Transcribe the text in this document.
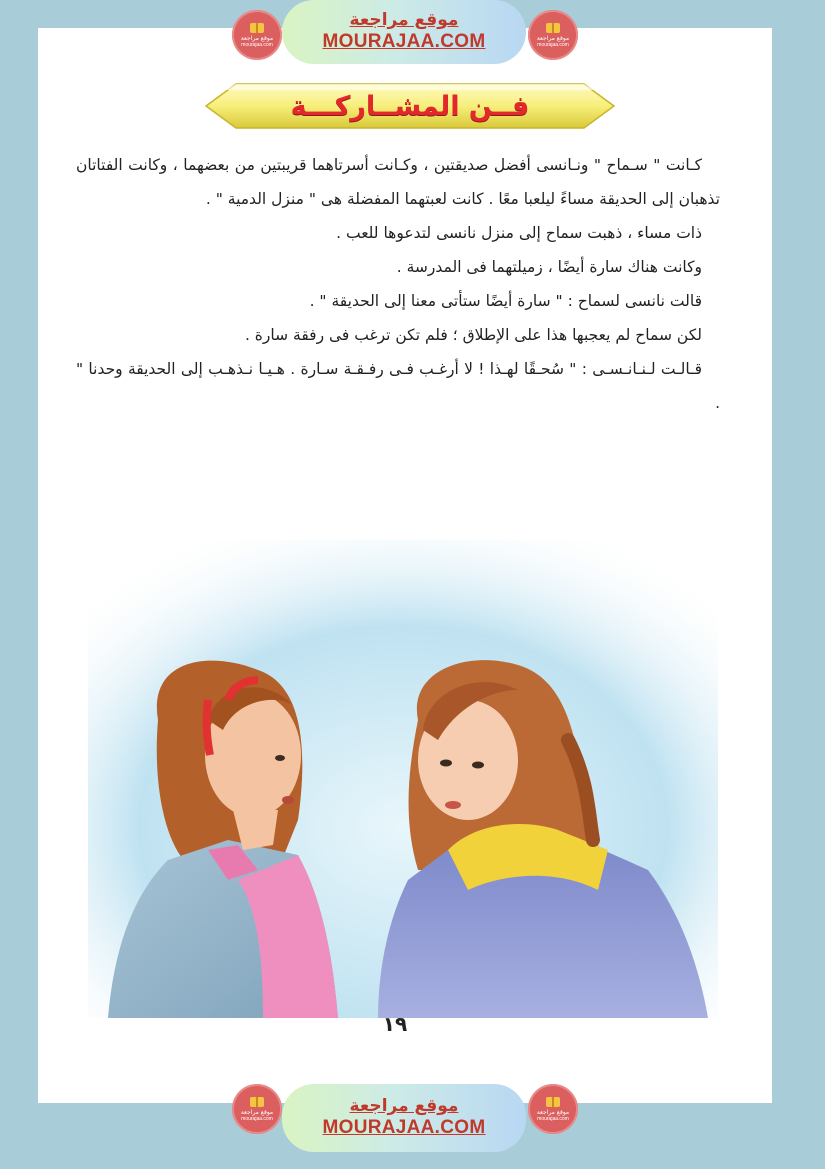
موقع مراجعة
mourajaa.com
موقع مراجعة
MOURAJAA.COM	موقع مراجعة
mourajaa.com
فــن المشــاركـــة

كـانت " سـماح " ونـانسى أفضل صديقتين ، وكـانت أسرتاهما قريبتين من بعضهما ، وكانت الفتاتان تذهبان إلى الحديقة مساءً ليلعبا معًا . كانت لعبتهما المفضلة هى " منزل الدمية " .

ذات مساء ، ذهبت سماح إلى منزل نانسى لتدعوها للعب .

وكانت هناك سارة أيضًا ، زميلتهما فى المدرسة .

قالت نانسى لسماح : " سارة أيضًا ستأتى معنا إلى الحديقة " .

لكن سماح لم يعجبها هذا على الإطلاق ؛ فلم تكن ترغب فى رفقة سارة .

قـالـت لـنـانـسـى : " سُحـقًا لهـذا ! لا أرغـب فـى رفـقـة سـارة . هـيـا نـذهـب إلى الحديقة وحدنا " .

١٩
موقع مراجعة
mourajaa.com
موقع مراجعة
MOURAJAA.COM
موقع مراجعة
mourajaa.com
